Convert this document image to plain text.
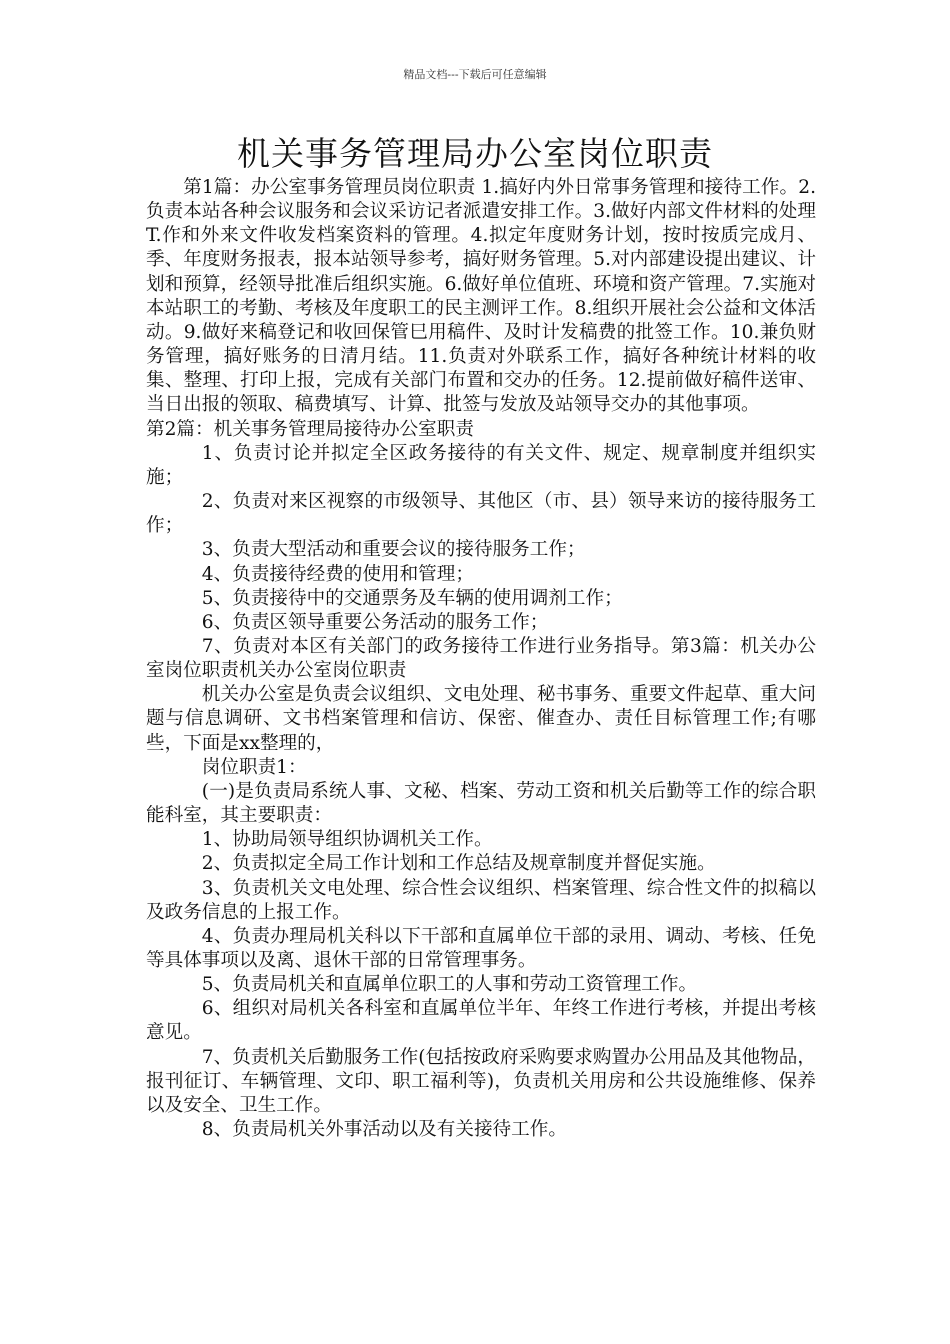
精品文档---下载后可任意编辑
机关事务管理局办公室岗位职责

第1篇：办公室事务管理员岗位职责 1.搞好内外日常事务管理和接待工作。2.负责本站各种会议服务和会议采访记者派遣安排工作。3.做好内部文件材料的处理T.作和外来文件收发档案资料的管理。4.拟定年度财务计划，按时按质完成月、季、年度财务报表，报本站领导参考，搞好财务管理。5.对内部建设提出建议、计划和预算，经领导批准后组织实施。6.做好单位值班、环境和资产管理。7.实施对本站职工的考勤、考核及年度职工的民主测评工作。8.组织开展社会公益和文体活动。9.做好来稿登记和收回保管巳用稿件、及时计发稿费的批签工作。10.兼负财务管理，搞好账务的日清月结。11.负责对外联系工作，搞好各种统计材料的收集、整理、打印上报，完成有关部门布置和交办的任务。12.提前做好稿件送审、当日出报的领取、稿费填写、计算、批签与发放及站领导交办的其他事项。

第2篇：机关事务管理局接待办公室职责

1、负责讨论并拟定全区政务接待的有关文件、规定、规章制度并组织实施；

2、负责对来区视察的市级领导、其他区（市、县）领导来访的接待服务工作；

3、负责大型活动和重要会议的接待服务工作；

4、负责接待经费的使用和管理；

5、负责接待中的交通票务及车辆的使用调剂工作；

6、负责区领导重要公务活动的服务工作；

7、负责对本区有关部门的政务接待工作进行业务指导。第3篇：机关办公室岗位职责机关办公室岗位职责

机关办公室是负责会议组织、文电处理、秘书事务、重要文件起草、重大问题与信息调研、文书档案管理和信访、保密、催查办、责任目标管理工作;有哪些，下面是xx整理的，

岗位职责1：

(一)是负责局系统人事、文秘、档案、劳动工资和机关后勤等工作的综合职能科室，其主要职责：

1、协助局领导组织协调机关工作。

2、负责拟定全局工作计划和工作总结及规章制度并督促实施。

3、负责机关文电处理、综合性会议组织、档案管理、综合性文件的拟稿以及政务信息的上报工作。

4、负责办理局机关科以下干部和直属单位干部的录用、调动、考核、任免等具体事项以及离、退休干部的日常管理事务。

5、负责局机关和直属单位职工的人事和劳动工资管理工作。

6、组织对局机关各科室和直属单位半年、年终工作进行考核，并提出考核意见。

7、负责机关后勤服务工作(包括按政府采购要求购置办公用品及其他物品，报刊征订、车辆管理、文印、职工福利等)，负责机关用房和公共设施维修、保养以及安全、卫生工作。

8、负责局机关外事活动以及有关接待工作。
